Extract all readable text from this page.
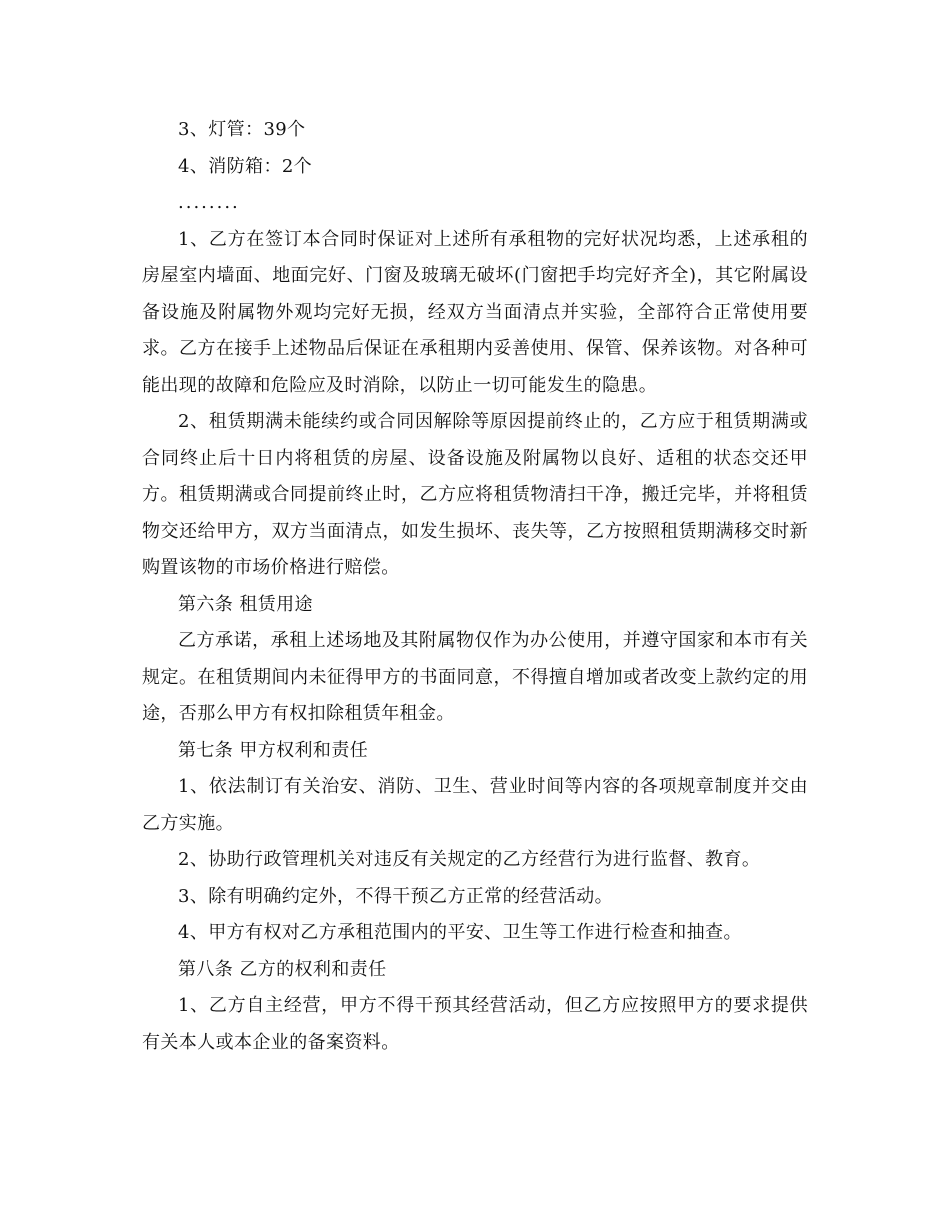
3、灯管：39个

4、消防箱：2个

........

1、乙方在签订本合同时保证对上述所有承租物的完好状况均悉，上述承租的房屋室内墙面、地面完好、门窗及玻璃无破坏(门窗把手均完好齐全)，其它附属设备设施及附属物外观均完好无损，经双方当面清点并实验，全部符合正常使用要求。乙方在接手上述物品后保证在承租期内妥善使用、保管、保养该物。对各种可能出现的故障和危险应及时消除，以防止一切可能发生的隐患。

2、租赁期满未能续约或合同因解除等原因提前终止的，乙方应于租赁期满或合同终止后十日内将租赁的房屋、设备设施及附属物以良好、适租的状态交还甲方。租赁期满或合同提前终止时，乙方应将租赁物清扫干净，搬迁完毕，并将租赁物交还给甲方，双方当面清点，如发生损坏、丧失等，乙方按照租赁期满移交时新购置该物的市场价格进行赔偿。

第六条 租赁用途

乙方承诺，承租上述场地及其附属物仅作为办公使用，并遵守国家和本市有关规定。在租赁期间内未征得甲方的书面同意，不得擅自增加或者改变上款约定的用途，否那么甲方有权扣除租赁年租金。

第七条 甲方权利和责任

1、依法制订有关治安、消防、卫生、营业时间等内容的各项规章制度并交由乙方实施。

2、协助行政管理机关对违反有关规定的乙方经营行为进行监督、教育。

3、除有明确约定外，不得干预乙方正常的经营活动。

4、甲方有权对乙方承租范围内的平安、卫生等工作进行检查和抽查。

第八条 乙方的权利和责任

1、乙方自主经营，甲方不得干预其经营活动，但乙方应按照甲方的要求提供有关本人或本企业的备案资料。
